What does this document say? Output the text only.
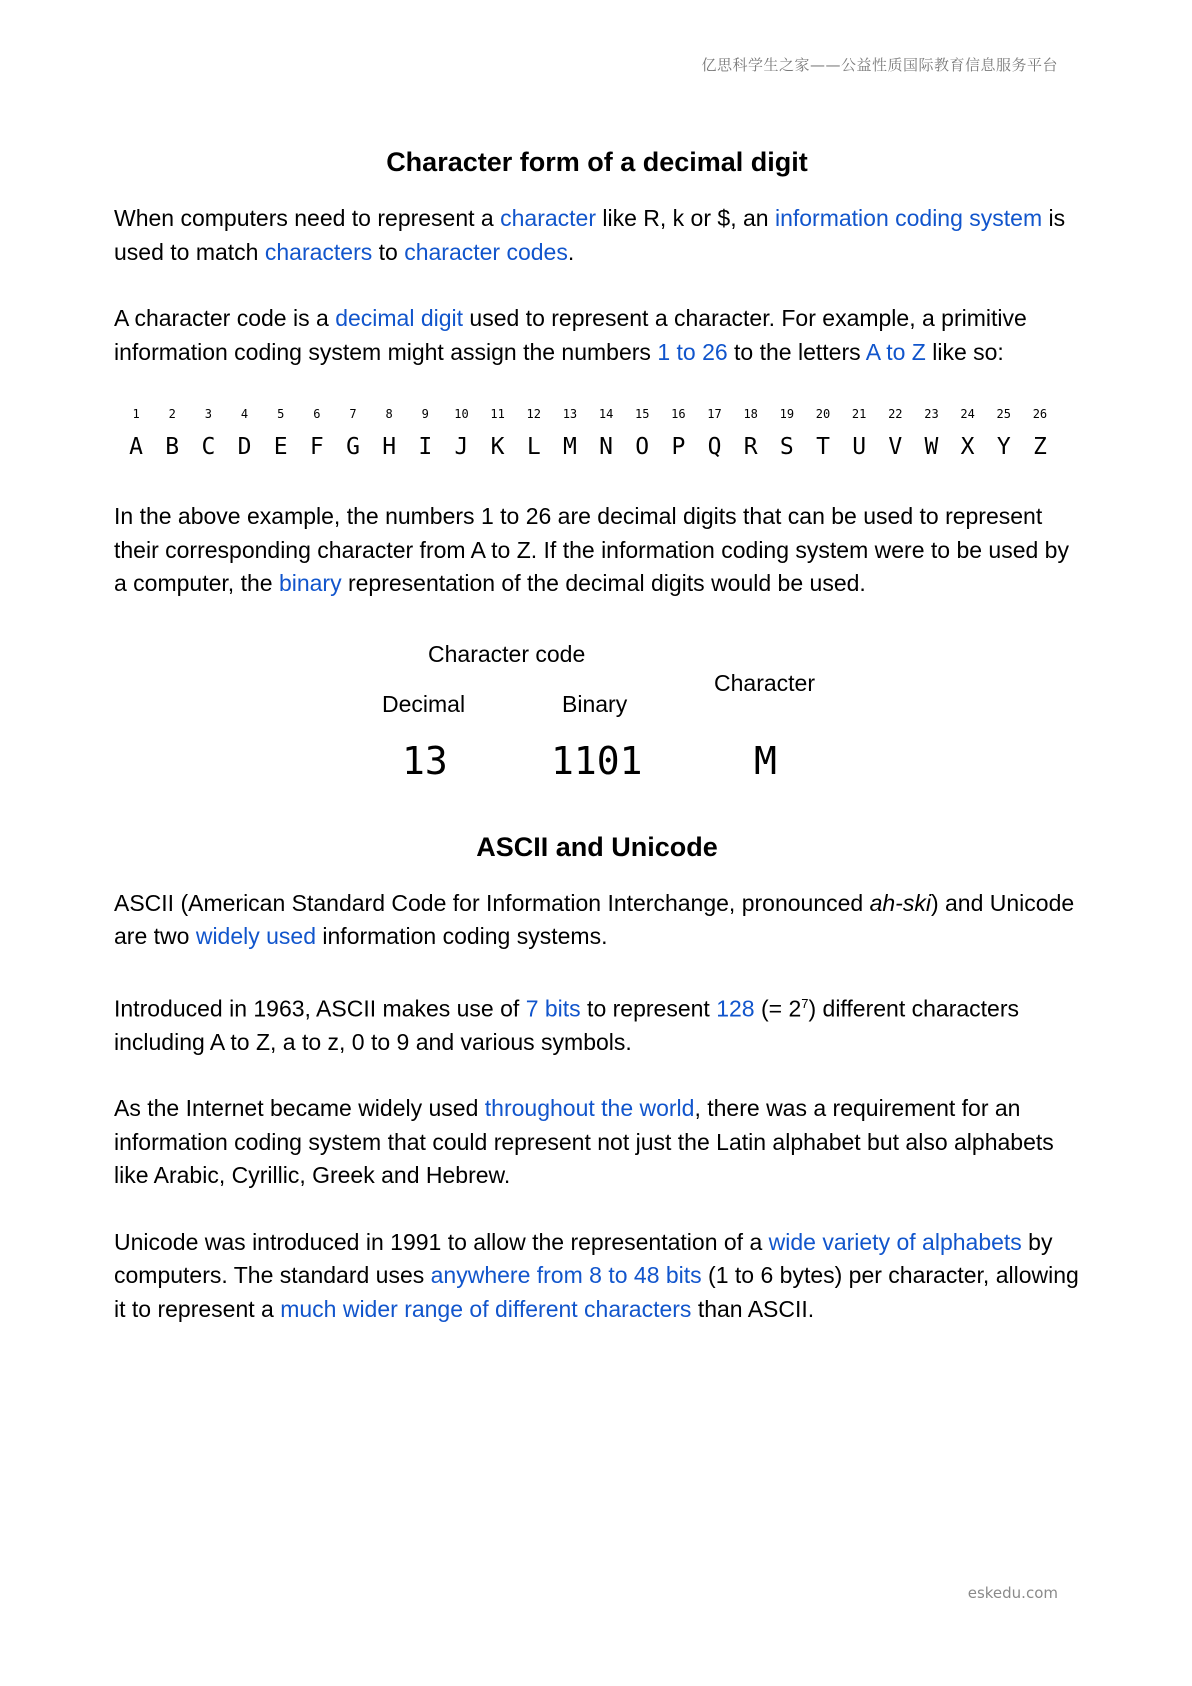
亿思科学生之家——公益性质国际教育信息服务平台
Character form of a decimal digit

When computers need to represent a character like R, k or $, an information coding system is used to match characters to character codes.

A character code is a decimal digit used to represent a character. For example, a primitive information coding system might assign the numbers 1 to 26 to the letters A to Z like so:

1	2	3	4	5	6	7	8	9	10	11	12	13	14	15	16	17	18	19	20	21	22	23	24	25	26
A B C D E F G H I J K L M N O P Q R S T U V W X Y Z

In the above example, the numbers 1 to 26 are decimal digits that can be used to represent their corresponding character from A to Z. If the information coding system were to be used by a computer, the binary representation of the decimal digits would be used.

Character code
Decimal	Binary
Character
13	1101	M
ASCII and Unicode

ASCII (American Standard Code for Information Interchange, pronounced ah-ski) and Unicode are two widely used information coding systems.

Introduced in 1963, ASCII makes use of 7 bits to represent 128 (= $2^7$) different characters including A to Z, a to z, 0 to 9 and various symbols.

As the Internet became widely used throughout the world, there was a requirement for an information coding system that could represent not just the Latin alphabet but also alphabets like Arabic, Cyrillic, Greek and Hebrew.

Unicode was introduced in 1991 to allow the representation of a wide variety of alphabets by computers. The standard uses anywhere from 8 to 48 bits (1 to 6 bytes) per character, allowing it to represent a much wider range of different characters than ASCII.

eskedu.com
